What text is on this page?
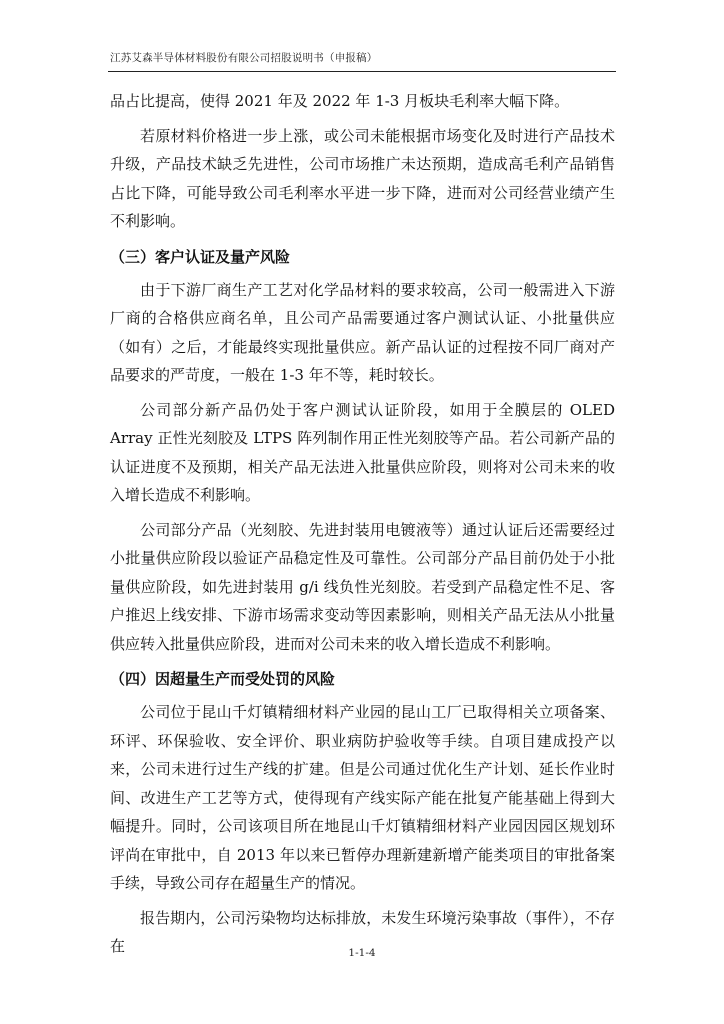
江苏艾森半导体材料股份有限公司招股说明书（申报稿）

品占比提高，使得 2021 年及 2022 年 1-3 月板块毛利率大幅下降。

若原材料价格进一步上涨，或公司未能根据市场变化及时进行产品技术升级，产品技术缺乏先进性，公司市场推广未达预期，造成高毛利产品销售占比下降，可能导致公司毛利率水平进一步下降，进而对公司经营业绩产生不利影响。

（三）客户认证及量产风险

由于下游厂商生产工艺对化学品材料的要求较高，公司一般需进入下游厂商的合格供应商名单，且公司产品需要通过客户测试认证、小批量供应（如有）之后，才能最终实现批量供应。新产品认证的过程按不同厂商对产品要求的严苛度，一般在 1-3 年不等，耗时较长。

公司部分新产品仍处于客户测试认证阶段，如用于全膜层的 OLED Array 正性光刻胶及 LTPS 阵列制作用正性光刻胶等产品。若公司新产品的认证进度不及预期，相关产品无法进入批量供应阶段，则将对公司未来的收入增长造成不利影响。

公司部分产品（光刻胶、先进封装用电镀液等）通过认证后还需要经过小批量供应阶段以验证产品稳定性及可靠性。公司部分产品目前仍处于小批量供应阶段，如先进封装用 g/i 线负性光刻胶。若受到产品稳定性不足、客户推迟上线安排、下游市场需求变动等因素影响，则相关产品无法从小批量供应转入批量供应阶段，进而对公司未来的收入增长造成不利影响。

（四）因超量生产而受处罚的风险

公司位于昆山千灯镇精细材料产业园的昆山工厂已取得相关立项备案、环评、环保验收、安全评价、职业病防护验收等手续。自项目建成投产以来，公司未进行过生产线的扩建。但是公司通过优化生产计划、延长作业时间、改进生产工艺等方式，使得现有产线实际产能在批复产能基础上得到大幅提升。同时，公司该项目所在地昆山千灯镇精细材料产业园因园区规划环评尚在审批中，自 2013 年以来已暂停办理新建新增产能类项目的审批备案手续，导致公司存在超量生产的情况。

报告期内，公司污染物均达标排放，未发生环境污染事故（事件），不存在	1-1-4
